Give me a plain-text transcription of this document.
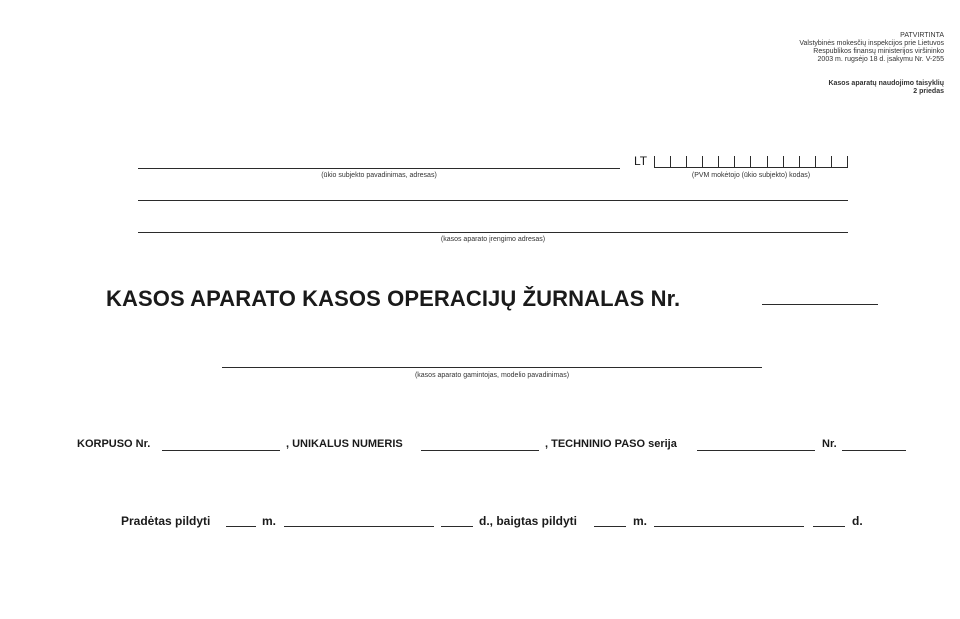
PATVIRTINTA
Valstybinės mokesčių inspekcijos prie Lietuvos
Respublikos finansų ministerijos viršininko
2003 m. rugsėjo 18 d. įsakymu Nr. V-255
Kasos aparatų naudojimo taisyklių
2 priedas
(ūkio subjekto pavadinimas, adresas)
LT
(PVM mokėtojo (ūkio subjekto) kodas)
(kasos aparato įrengimo adresas)
KASOS APARATO KASOS OPERACIJŲ ŽURNALAS Nr.
(kasos aparato gamintojas, modelio pavadinimas)
KORPUSO Nr.	, UNIKALUS NUMERIS	, TECHNINIO PASO serija	Nr.
Pradėtas pildyti	m.	d., baigtas pildyti	m.	d.
